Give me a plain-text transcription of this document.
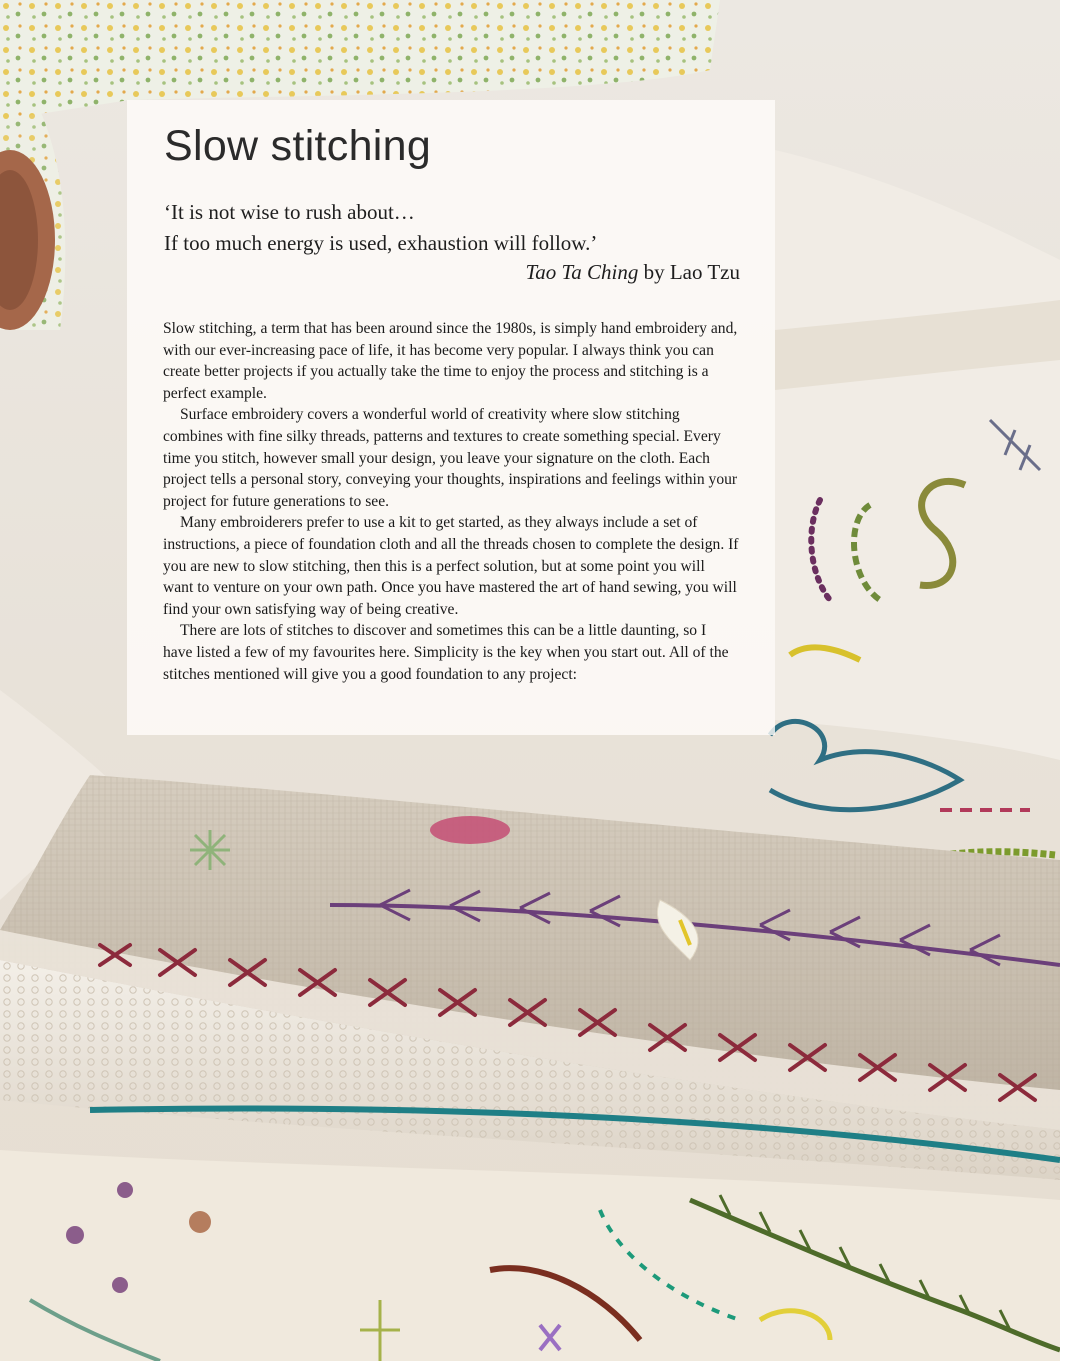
Slow stitching

‘It is not wise to rush about…

If too much energy is used, exhaustion will follow.’

Tao Ta Ching by Lao Tzu

Slow stitching, a term that has been around since the 1980s, is simply hand embroidery and, with our ever-increasing pace of life, it has become very popular. I always think you can create better projects if you actually take the time to enjoy the process and stitching is a perfect example.

Surface embroidery covers a wonderful world of creativity where slow stitching combines with fine silky threads, patterns and textures to create something special. Every time you stitch, however small your design, you leave your signature on the cloth. Each project tells a personal story, conveying your thoughts, inspirations and feelings within your project for future generations to see.

Many embroiderers prefer to use a kit to get started, as they always include a set of instructions, a piece of foundation cloth and all the threads chosen to complete the design. If you are new to slow stitching, then this is a perfect solution, but at some point you will want to venture on your own path. Once you have mastered the art of hand sewing, you will find your own satisfying way of being creative.

There are lots of stitches to discover and sometimes this can be a little daunting, so I have listed a few of my favourites here. Simplicity is the key when you start out. All of the stitches mentioned will give you a good foundation to any project:
